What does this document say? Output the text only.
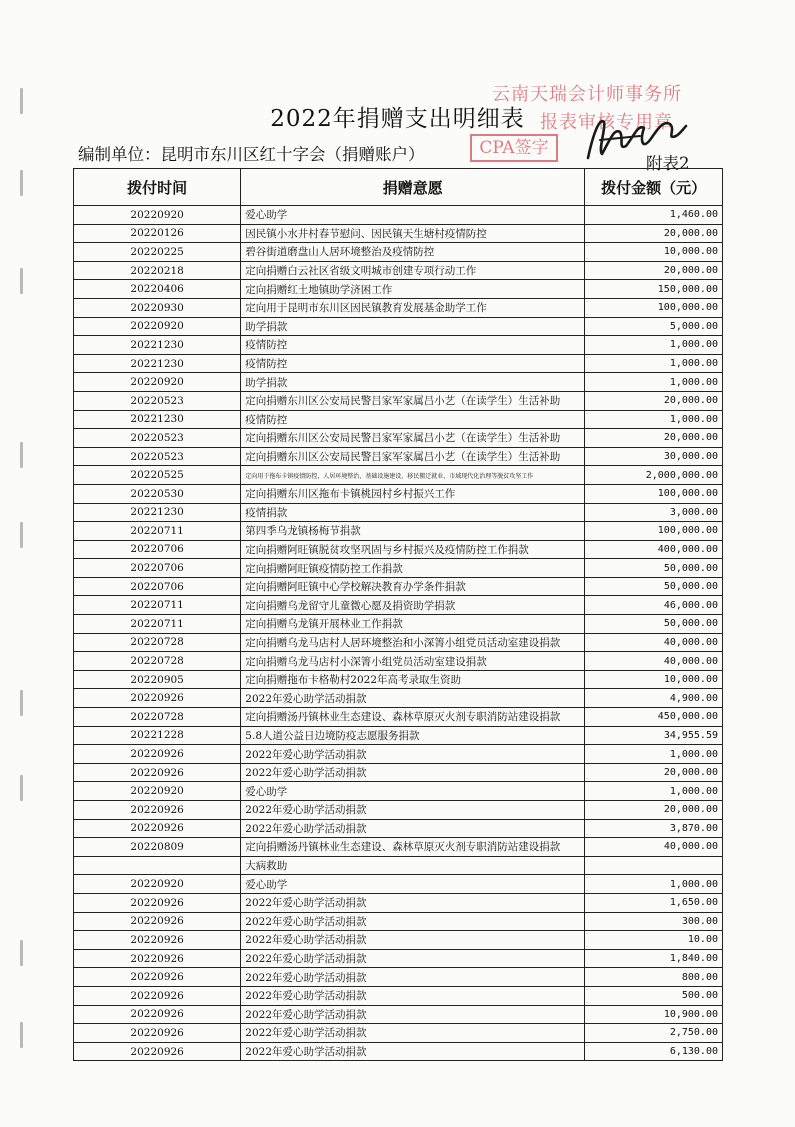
云南天瑞会计师事务所
报表审核专用章
CPA签字
2022年捐赠支出明细表
编制单位：昆明市东川区红十字会（捐赠账户）	附表2
拨付时间	捐赠意愿	拨付金额（元）
20220920	爱心助学	1,460.00
20220126	因民镇小水井村春节慰问、因民镇天生塘村疫情防控	20,000.00
20220225	碧谷街道磨盘山人居环境整治及疫情防控	10,000.00
20220218	定向捐赠白云社区省级文明城市创建专项行动工作	20,000.00
20220406	定向捐赠红土地镇助学济困工作	150,000.00
20220930	定向用于昆明市东川区因民镇教育发展基金助学工作	100,000.00
20220920	助学捐款	5,000.00
20221230	疫情防控	1,000.00
20221230	疫情防控	1,000.00
20220920	助学捐款	1,000.00
20220523	定向捐赠东川区公安局民警吕家军家属吕小艺（在读学生）生活补助	20,000.00
20221230	疫情防控	1,000.00
20220523	定向捐赠东川区公安局民警吕家军家属吕小艺（在读学生）生活补助	20,000.00
20220523	定向捐赠东川区公安局民警吕家军家属吕小艺（在读学生）生活补助	30,000.00
20220525	定向用于拖布卡镇疫情防控，人居环境整治，基础设施建设，移民搬迁就业，市域现代化治理等脱贫攻坚工作	2,000,000.00
20220530	定向捐赠东川区拖布卡镇桃园村乡村振兴工作	100,000.00
20221230	疫情捐款	3,000.00
20220711	第四季乌龙镇杨梅节捐款	100,000.00
20220706	定向捐赠阿旺镇脱贫攻坚巩固与乡村振兴及疫情防控工作捐款	400,000.00
20220706	定向捐赠阿旺镇疫情防控工作捐款	50,000.00
20220706	定向捐赠阿旺镇中心学校解决教育办学条件捐款	50,000.00
20220711	定向捐赠乌龙留守儿童微心愿及捐资助学捐款	46,000.00
20220711	定向捐赠乌龙镇开展林业工作捐款	50,000.00
20220728	定向捐赠乌龙马店村人居环境整治和小深箐小组党员活动室建设捐款	40,000.00
20220728	定向捐赠乌龙马店村小深箐小组党员活动室建设捐款	40,000.00
20220905	定向捐赠拖布卡格勒村2022年高考录取生资助	10,000.00
20220926	2022年爱心助学活动捐款	4,900.00
20220728	定向捐赠汤丹镇林业生态建设、森林草原灭火剂专职消防站建设捐款	450,000.00
20221228	5.8人道公益日边境防疫志愿服务捐款	34,955.59
20220926	2022年爱心助学活动捐款	1,000.00
20220926	2022年爱心助学活动捐款	20,000.00
20220920	爱心助学	1,000.00
20220926	2022年爱心助学活动捐款	20,000.00
20220926	2022年爱心助学活动捐款	3,870.00
20220809	定向捐赠汤丹镇林业生态建设、森林草原灭火剂专职消防站建设捐款	40,000.00
	大病救助	
20220920	爱心助学	1,000.00
20220926	2022年爱心助学活动捐款	1,650.00
20220926	2022年爱心助学活动捐款	300.00
20220926	2022年爱心助学活动捐款	10.00
20220926	2022年爱心助学活动捐款	1,840.00
20220926	2022年爱心助学活动捐款	800.00
20220926	2022年爱心助学活动捐款	500.00
20220926	2022年爱心助学活动捐款	10,900.00
20220926	2022年爱心助学活动捐款	2,750.00
20220926	2022年爱心助学活动捐款	6,130.00
